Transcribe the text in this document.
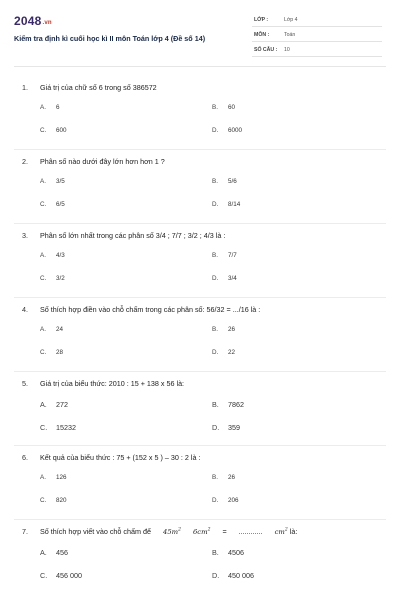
2048.vn
Kiểm tra định kì cuối học kì II môn Toán lớp 4 (Đề số 14)
LỚP :	Lớp 4
MÔN :	Toán
SỐ CÂU : 10
1. Giá trị của chữ số 6 trong số 386572
A. 6	B. 60
C. 600	D. 6000
2. Phân số nào dưới đây lớn hơn hơn 1 ?
A. 3/5	B. 5/6
C. 6/5	D. 8/14
3. Phân số lớn nhất trong các phân số 3/4 ; 7/7 ; 3/2 ; 4/3 là :
A. 4/3	B. 7/7
C. 3/2	D. 3/4
4. Số thích hợp điền vào chỗ chấm trong các phân số: 56/32 = .../16 là :
A. 24	B. 26
C. 28	D. 22
5. Giá trị của biểu thức: 2010 : 15 + 138 x 56 là:
A. 272	B. 7862
C. 15232	D. 359
6. Kết quả của biểu thức : 75 + (152 x 5 ) – 30 : 2 là :
A. 126	B. 26
C. 820	D. 206
7. Số thích hợp viết vào chỗ chấm để $45m^2$ $6cm^2$ = ............ $cm^2$ là:
A. 456	B. 4506
C. 456 000	D. 450 006
